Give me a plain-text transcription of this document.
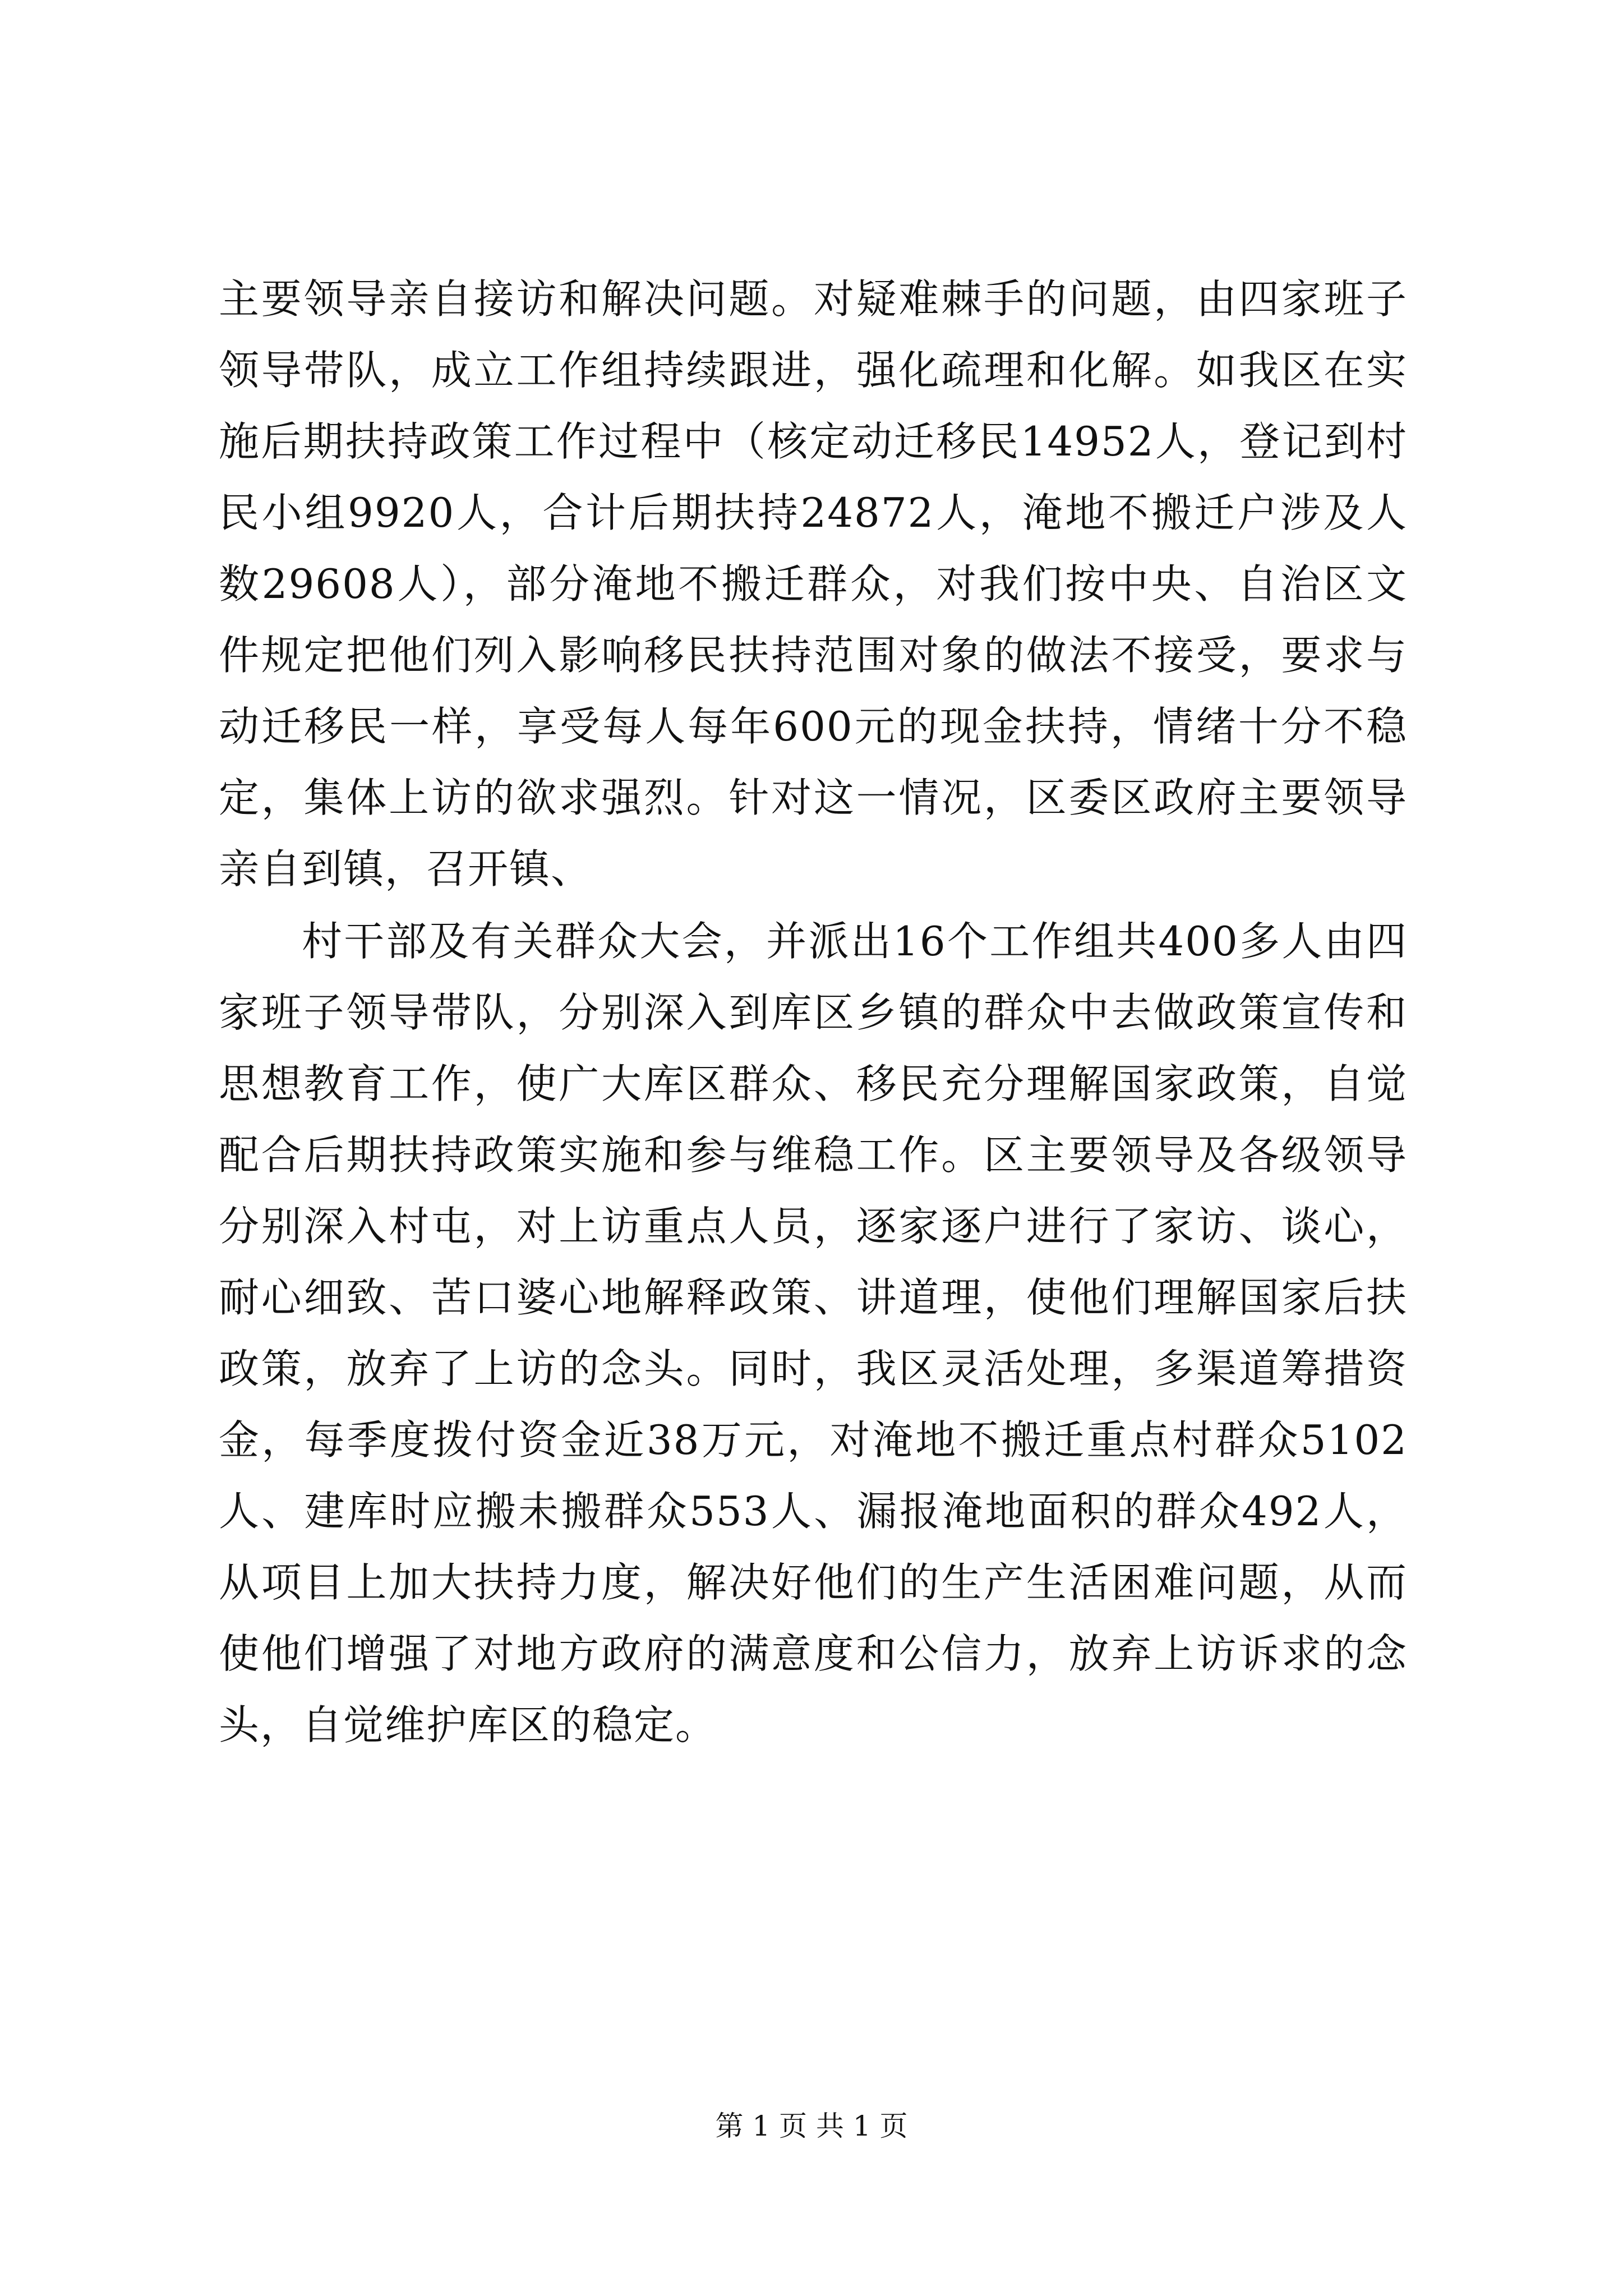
主要领导亲自接访和解决问题。对疑难棘手的问题，由四家班子领导带队，成立工作组持续跟进，强化疏理和化解。如我区在实施后期扶持政策工作过程中（核定动迁移民14952人，登记到村民小组9920人，合计后期扶持24872人，淹地不搬迁户涉及人数29608人），部分淹地不搬迁群众，对我们按中央、自治区文件规定把他们列入影响移民扶持范围对象的做法不接受，要求与动迁移民一样，享受每人每年600元的现金扶持，情绪十分不稳定，集体上访的欲求强烈。针对这一情况，区委区政府主要领导亲自到镇，召开镇、

村干部及有关群众大会，并派出16个工作组共400多人由四家班子领导带队，分别深入到库区乡镇的群众中去做政策宣传和思想教育工作，使广大库区群众、移民充分理解国家政策，自觉配合后期扶持政策实施和参与维稳工作。区主要领导及各级领导分别深入村屯，对上访重点人员，逐家逐户进行了家访、谈心，耐心细致、苦口婆心地解释政策、讲道理，使他们理解国家后扶政策，放弃了上访的念头。同时，我区灵活处理，多渠道筹措资金，每季度拨付资金近38万元，对淹地不搬迁重点村群众5102人、建库时应搬未搬群众553人、漏报淹地面积的群众492人，从项目上加大扶持力度，解决好他们的生产生活困难问题，从而使他们增强了对地方政府的满意度和公信力，放弃上访诉求的念头，自觉维护库区的稳定。

第 1 页 共 1 页
